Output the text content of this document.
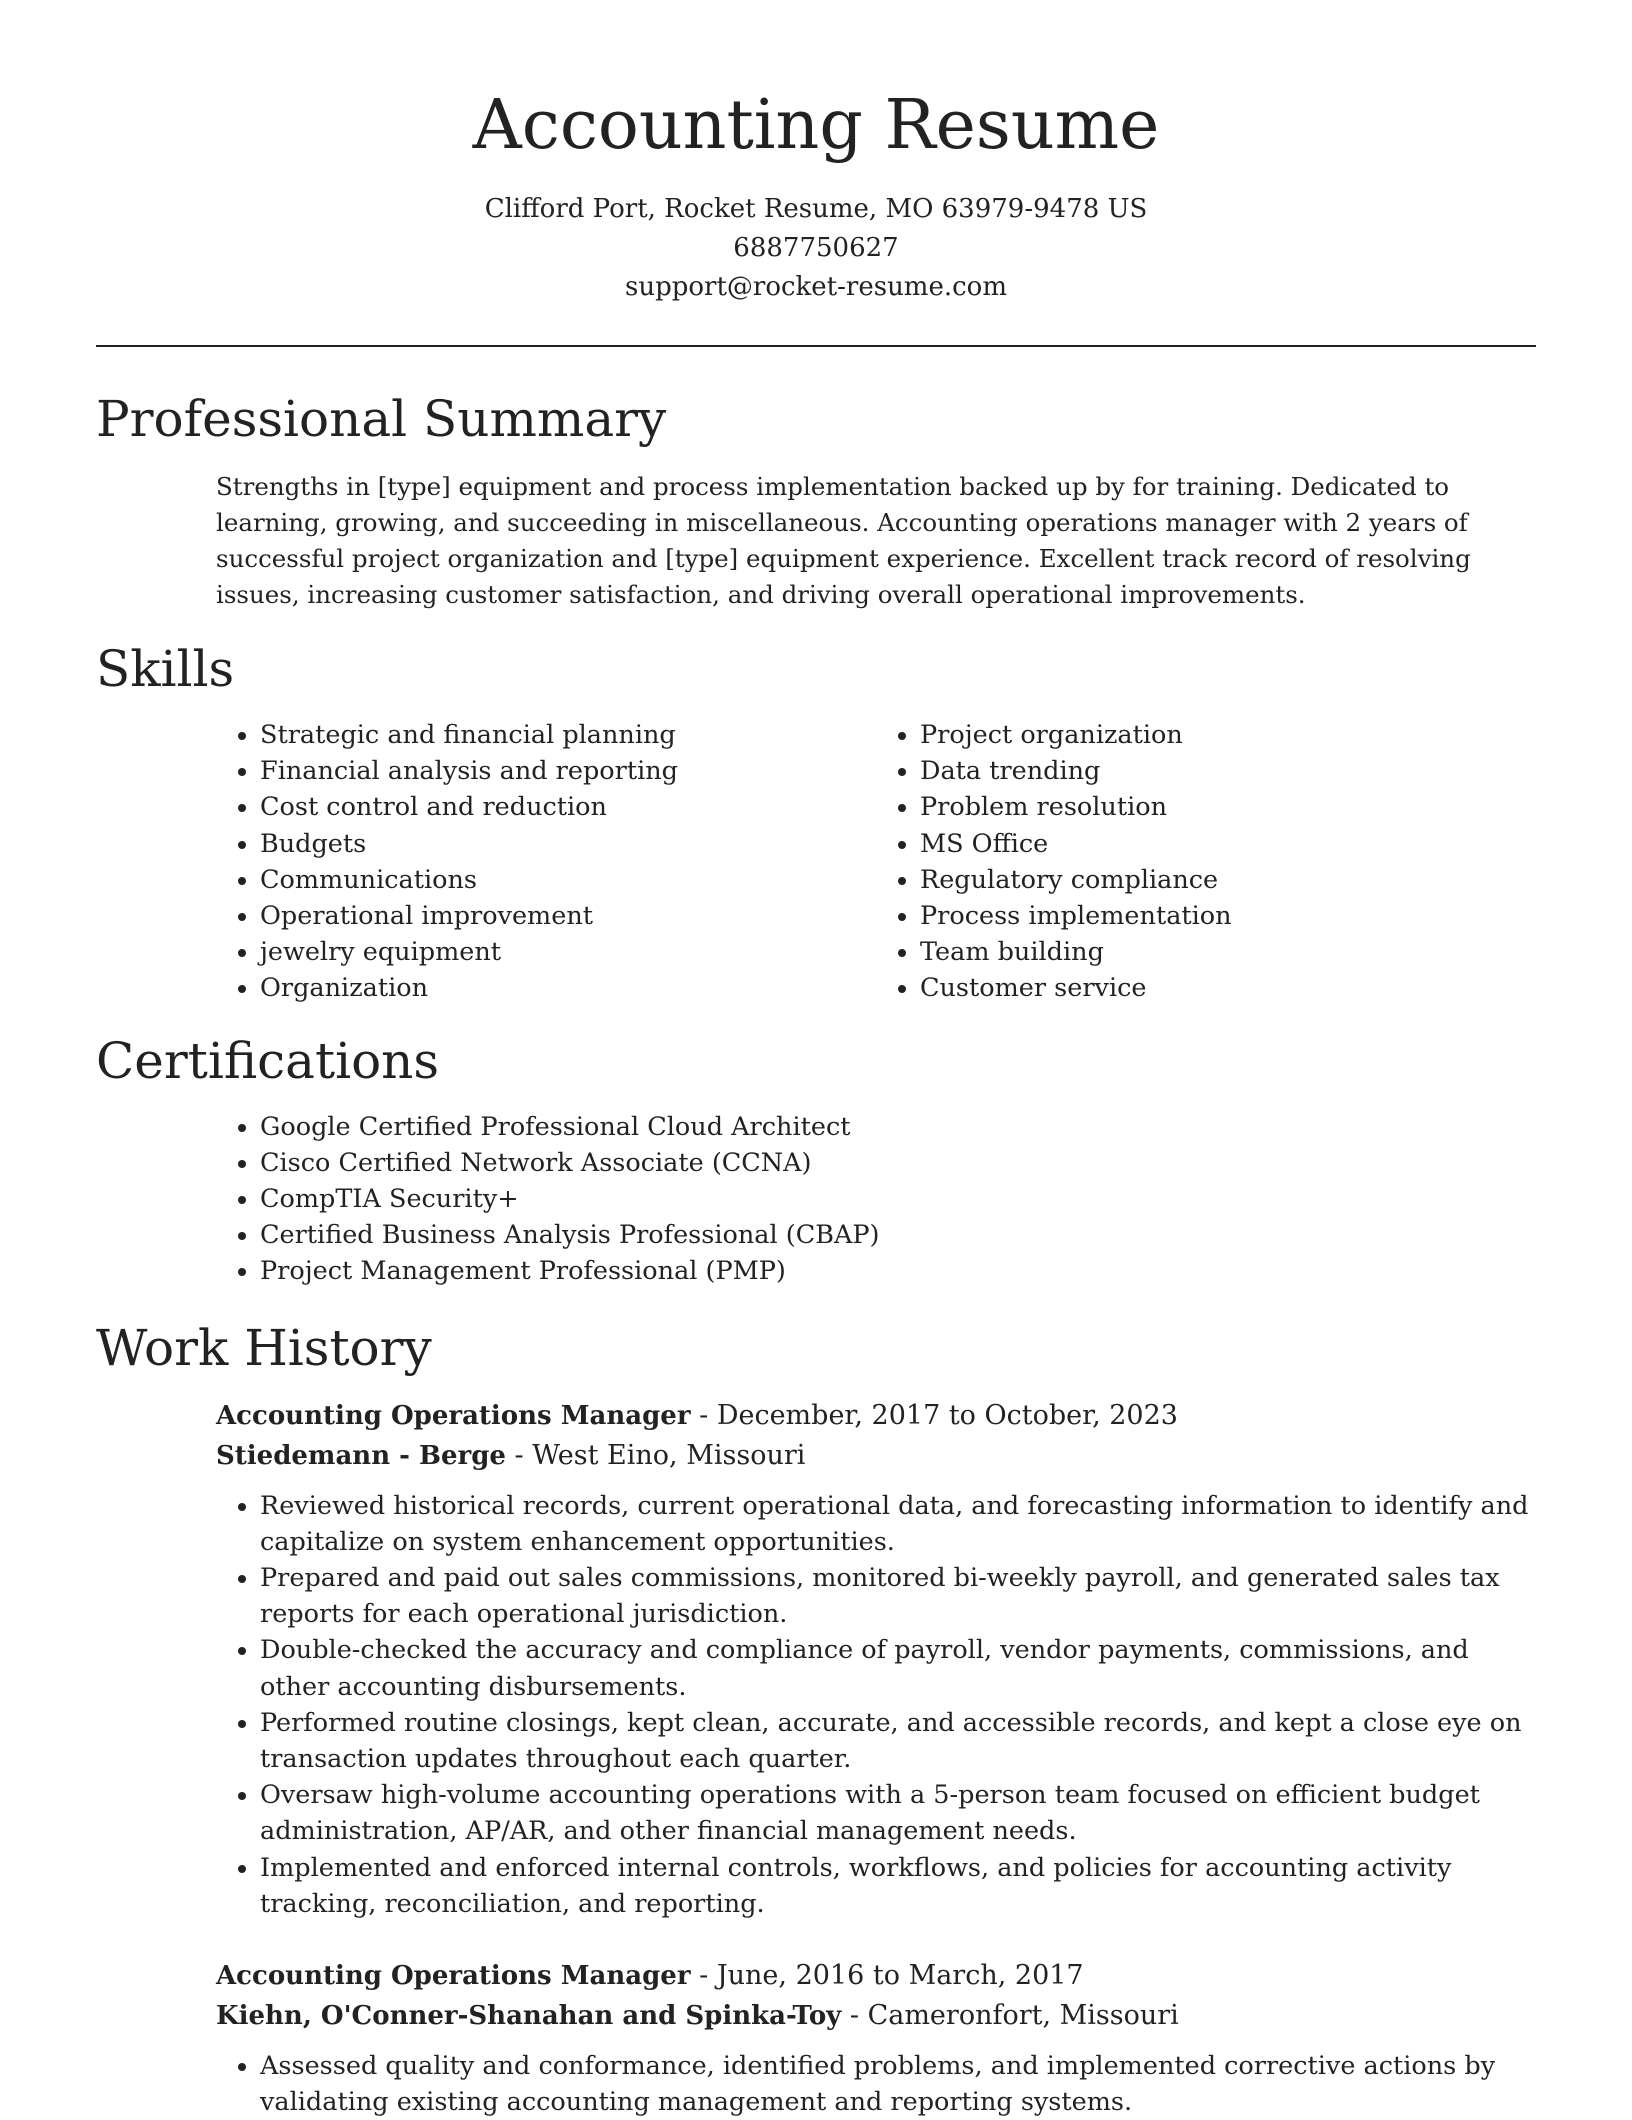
Accounting Resume
Clifford Port, Rocket Resume, MO 63979-9478 US
6887750627
support@rocket-resume.com
Professional Summary

Strengths in [type] equipment and process implementation backed up by for training. Dedicated to learning, growing, and succeeding in miscellaneous. Accounting operations manager with 2 years of successful project organization and [type] equipment experience. Excellent track record of resolving issues, increasing customer satisfaction, and driving overall operational improvements.

Skills
• Strategic and financial planning
• Financial analysis and reporting
• Cost control and reduction
• Budgets
• Communications
• Operational improvement
• jewelry equipment
• Organization
• Project organization
• Data trending
• Problem resolution
• MS Office
• Regulatory compliance
• Process implementation
• Team building
• Customer service
Certifications
• Google Certified Professional Cloud Architect
• Cisco Certified Network Associate (CCNA)
• CompTIA Security+
• Certified Business Analysis Professional (CBAP)
• Project Management Professional (PMP)
Work History
Accounting Operations Manager - December, 2017 to October, 2023
Stiedemann - Berge - West Eino, Missouri
• Reviewed historical records, current operational data, and forecasting information to identify and capitalize on system enhancement opportunities.
• Prepared and paid out sales commissions, monitored bi-weekly payroll, and generated sales tax reports for each operational jurisdiction.
• Double-checked the accuracy and compliance of payroll, vendor payments, commissions, and other accounting disbursements.
• Performed routine closings, kept clean, accurate, and accessible records, and kept a close eye on transaction updates throughout each quarter.
• Oversaw high-volume accounting operations with a 5-person team focused on efficient budget administration, AP/AR, and other financial management needs.
• Implemented and enforced internal controls, workflows, and policies for accounting activity tracking, reconciliation, and reporting.
Accounting Operations Manager - June, 2016 to March, 2017
Kiehn, O'Conner-Shanahan and Spinka-Toy - Cameronfort, Missouri
• Assessed quality and conformance, identified problems, and implemented corrective actions by validating existing accounting management and reporting systems.
